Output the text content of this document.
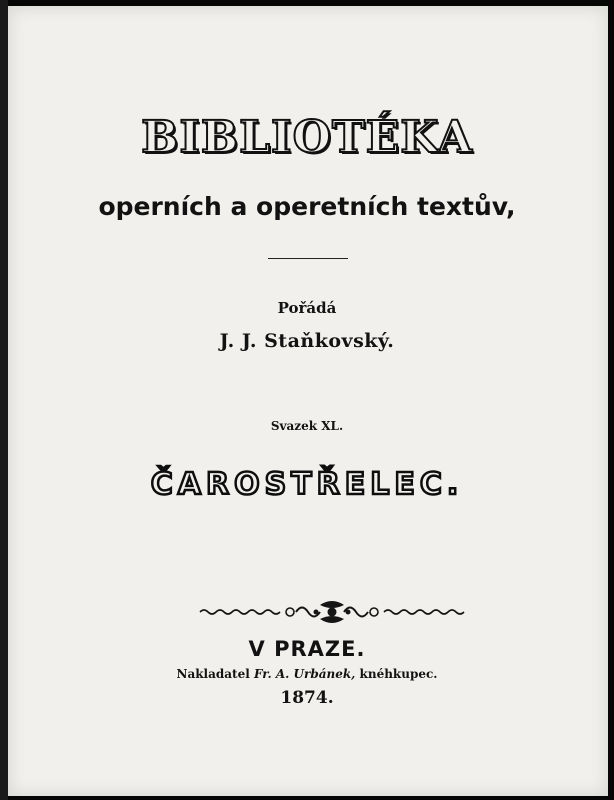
BIBLIOTÉKA
operních a operetních textův,
Pořádá
J. J. Staňkovský.
Svazek XL.
ČAROSTŘELEC.
V PRAZE.
Nakladatel Fr. A. Urbánek, knéhkupec.
1874.
